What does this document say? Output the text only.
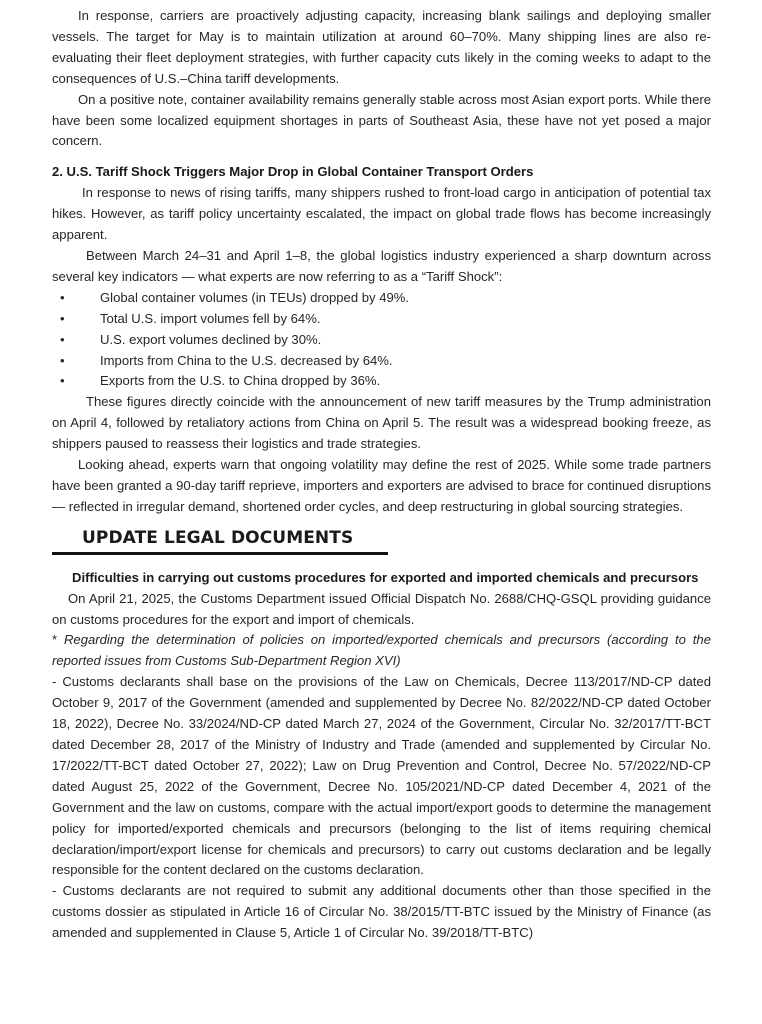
In response, carriers are proactively adjusting capacity, increasing blank sailings and deploying smaller vessels. The target for May is to maintain utilization at around 60–70%. Many shipping lines are also re-evaluating their fleet deployment strategies, with further capacity cuts likely in the coming weeks to adapt to the consequences of U.S.–China tariff developments.

On a positive note, container availability remains generally stable across most Asian export ports. While there have been some localized equipment shortages in parts of Southeast Asia, these have not yet posed a major concern.

2. U.S. Tariff Shock Triggers Major Drop in Global Container Transport Orders

In response to news of rising tariffs, many shippers rushed to front-load cargo in anticipation of potential tax hikes. However, as tariff policy uncertainty escalated, the impact on global trade flows has become increasingly apparent.

Between March 24–31 and April 1–8, the global logistics industry experienced a sharp downturn across several key indicators — what experts are now referring to as a “Tariff Shock”:

•	Global container volumes (in TEUs) dropped by 49%.
•	Total U.S. import volumes fell by 64%.
•	U.S. export volumes declined by 30%.
•	Imports from China to the U.S. decreased by 64%.
•	Exports from the U.S. to China dropped by 36%.

These figures directly coincide with the announcement of new tariff measures by the Trump administration on April 4, followed by retaliatory actions from China on April 5. The result was a widespread booking freeze, as shippers paused to reassess their logistics and trade strategies.

Looking ahead, experts warn that ongoing volatility may define the rest of 2025. While some trade partners have been granted a 90-day tariff reprieve, importers and exporters are advised to brace for continued disruptions — reflected in irregular demand, shortened order cycles, and deep restructuring in global sourcing strategies.

UPDATE LEGAL DOCUMENTS

Difficulties in carrying out customs procedures for exported and imported chemicals and precursors

On April 21, 2025, the Customs Department issued Official Dispatch No. 2688/CHQ-GSQL providing guidance on customs procedures for the export and import of chemicals.

* Regarding the determination of policies on imported/exported chemicals and precursors (according to the reported issues from Customs Sub-Department Region XVI)

- Customs declarants shall base on the provisions of the Law on Chemicals, Decree 113/2017/ND-CP dated October 9, 2017 of the Government (amended and supplemented by Decree No. 82/2022/ND-CP dated October 18, 2022), Decree No. 33/2024/ND-CP dated March 27, 2024 of the Government, Circular No. 32/2017/TT-BCT dated December 28, 2017 of the Ministry of Industry and Trade (amended and supplemented by Circular No. 17/2022/TT-BCT dated October 27, 2022); Law on Drug Prevention and Control, Decree No. 57/2022/ND-CP dated August 25, 2022 of the Government, Decree No. 105/2021/ND-CP dated December 4, 2021 of the Government and the law on customs, compare with the actual import/export goods to determine the management policy for imported/exported chemicals and precursors (belonging to the list of items requiring chemical declaration/import/export license for chemicals and precursors) to carry out customs declaration and be legally responsible for the content declared on the customs declaration.

- Customs declarants are not required to submit any additional documents other than those specified in the customs dossier as stipulated in Article 16 of Circular No. 38/2015/TT-BTC issued by the Ministry of Finance (as amended and supplemented in Clause 5, Article 1 of Circular No. 39/2018/TT-BTC)
